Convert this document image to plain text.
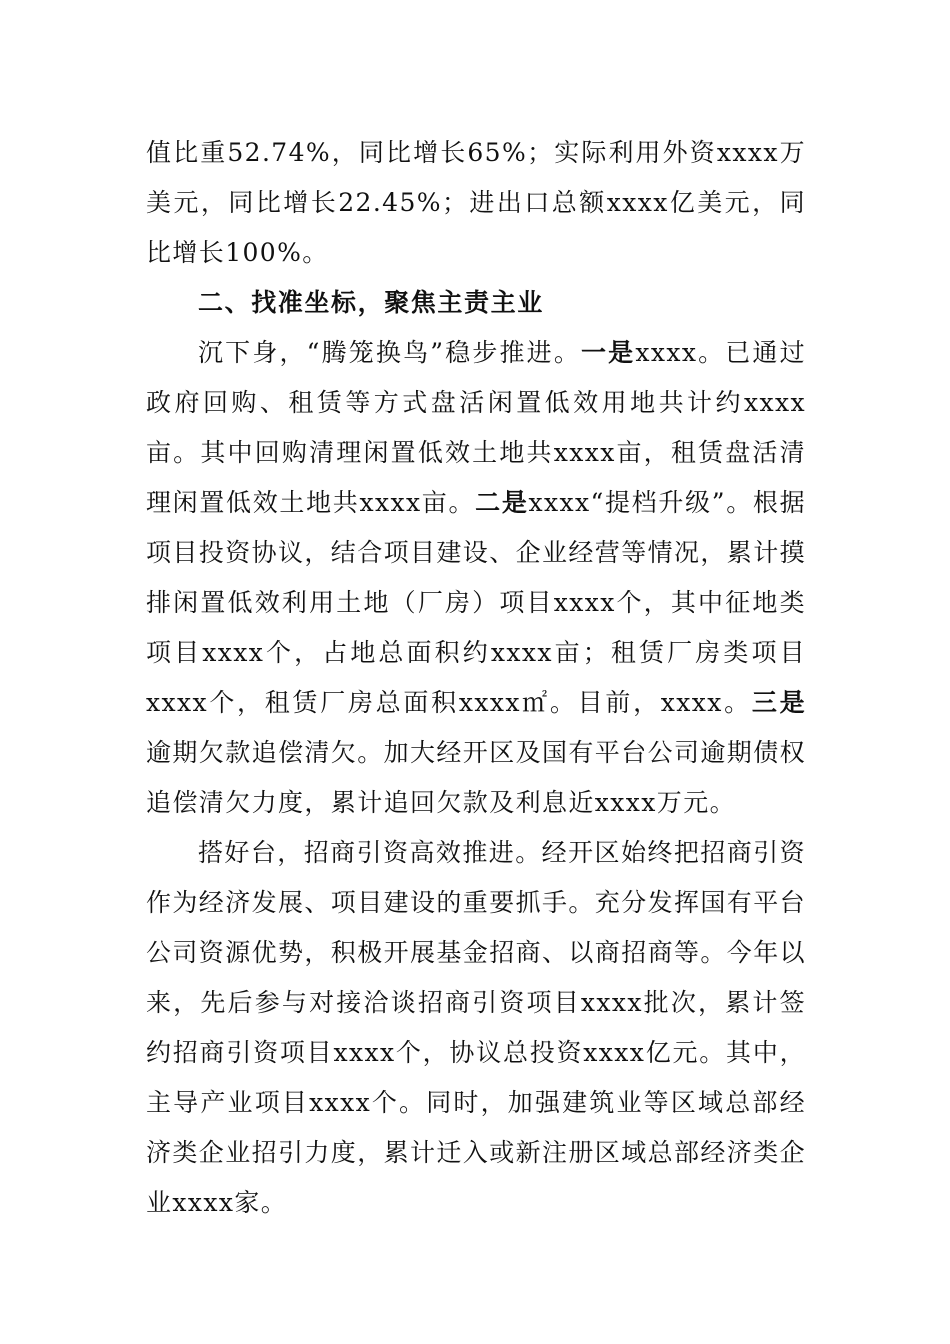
值比重52.74%，同比增长65%；实际利用外资xxxx万美元，同比增长22.45%；进出口总额xxxx亿美元，同比增长100%。

二、找准坐标，聚焦主责主业

沉下身，“腾笼换鸟”稳步推进。一是xxxx。已通过政府回购、租赁等方式盘活闲置低效用地共计约xxxx亩。其中回购清理闲置低效土地共xxxx亩，租赁盘活清理闲置低效土地共xxxx亩。二是xxxx“提档升级”。根据项目投资协议，结合项目建设、企业经营等情况，累计摸排闲置低效利用土地（厂房）项目xxxx个，其中征地类项目xxxx个，占地总面积约xxxx亩；租赁厂房类项目xxxx个，租赁厂房总面积xxxx㎡。目前，xxxx。三是逾期欠款追偿清欠。加大经开区及国有平台公司逾期债权追偿清欠力度，累计追回欠款及利息近xxxx万元。

搭好台，招商引资高效推进。经开区始终把招商引资作为经济发展、项目建设的重要抓手。充分发挥国有平台公司资源优势，积极开展基金招商、以商招商等。今年以来，先后参与对接洽谈招商引资项目xxxx批次，累计签约招商引资项目xxxx个，协议总投资xxxx亿元。其中，主导产业项目xxxx个。同时，加强建筑业等区域总部经济类企业招引力度，累计迁入或新注册区域总部经济类企业xxxx家。
